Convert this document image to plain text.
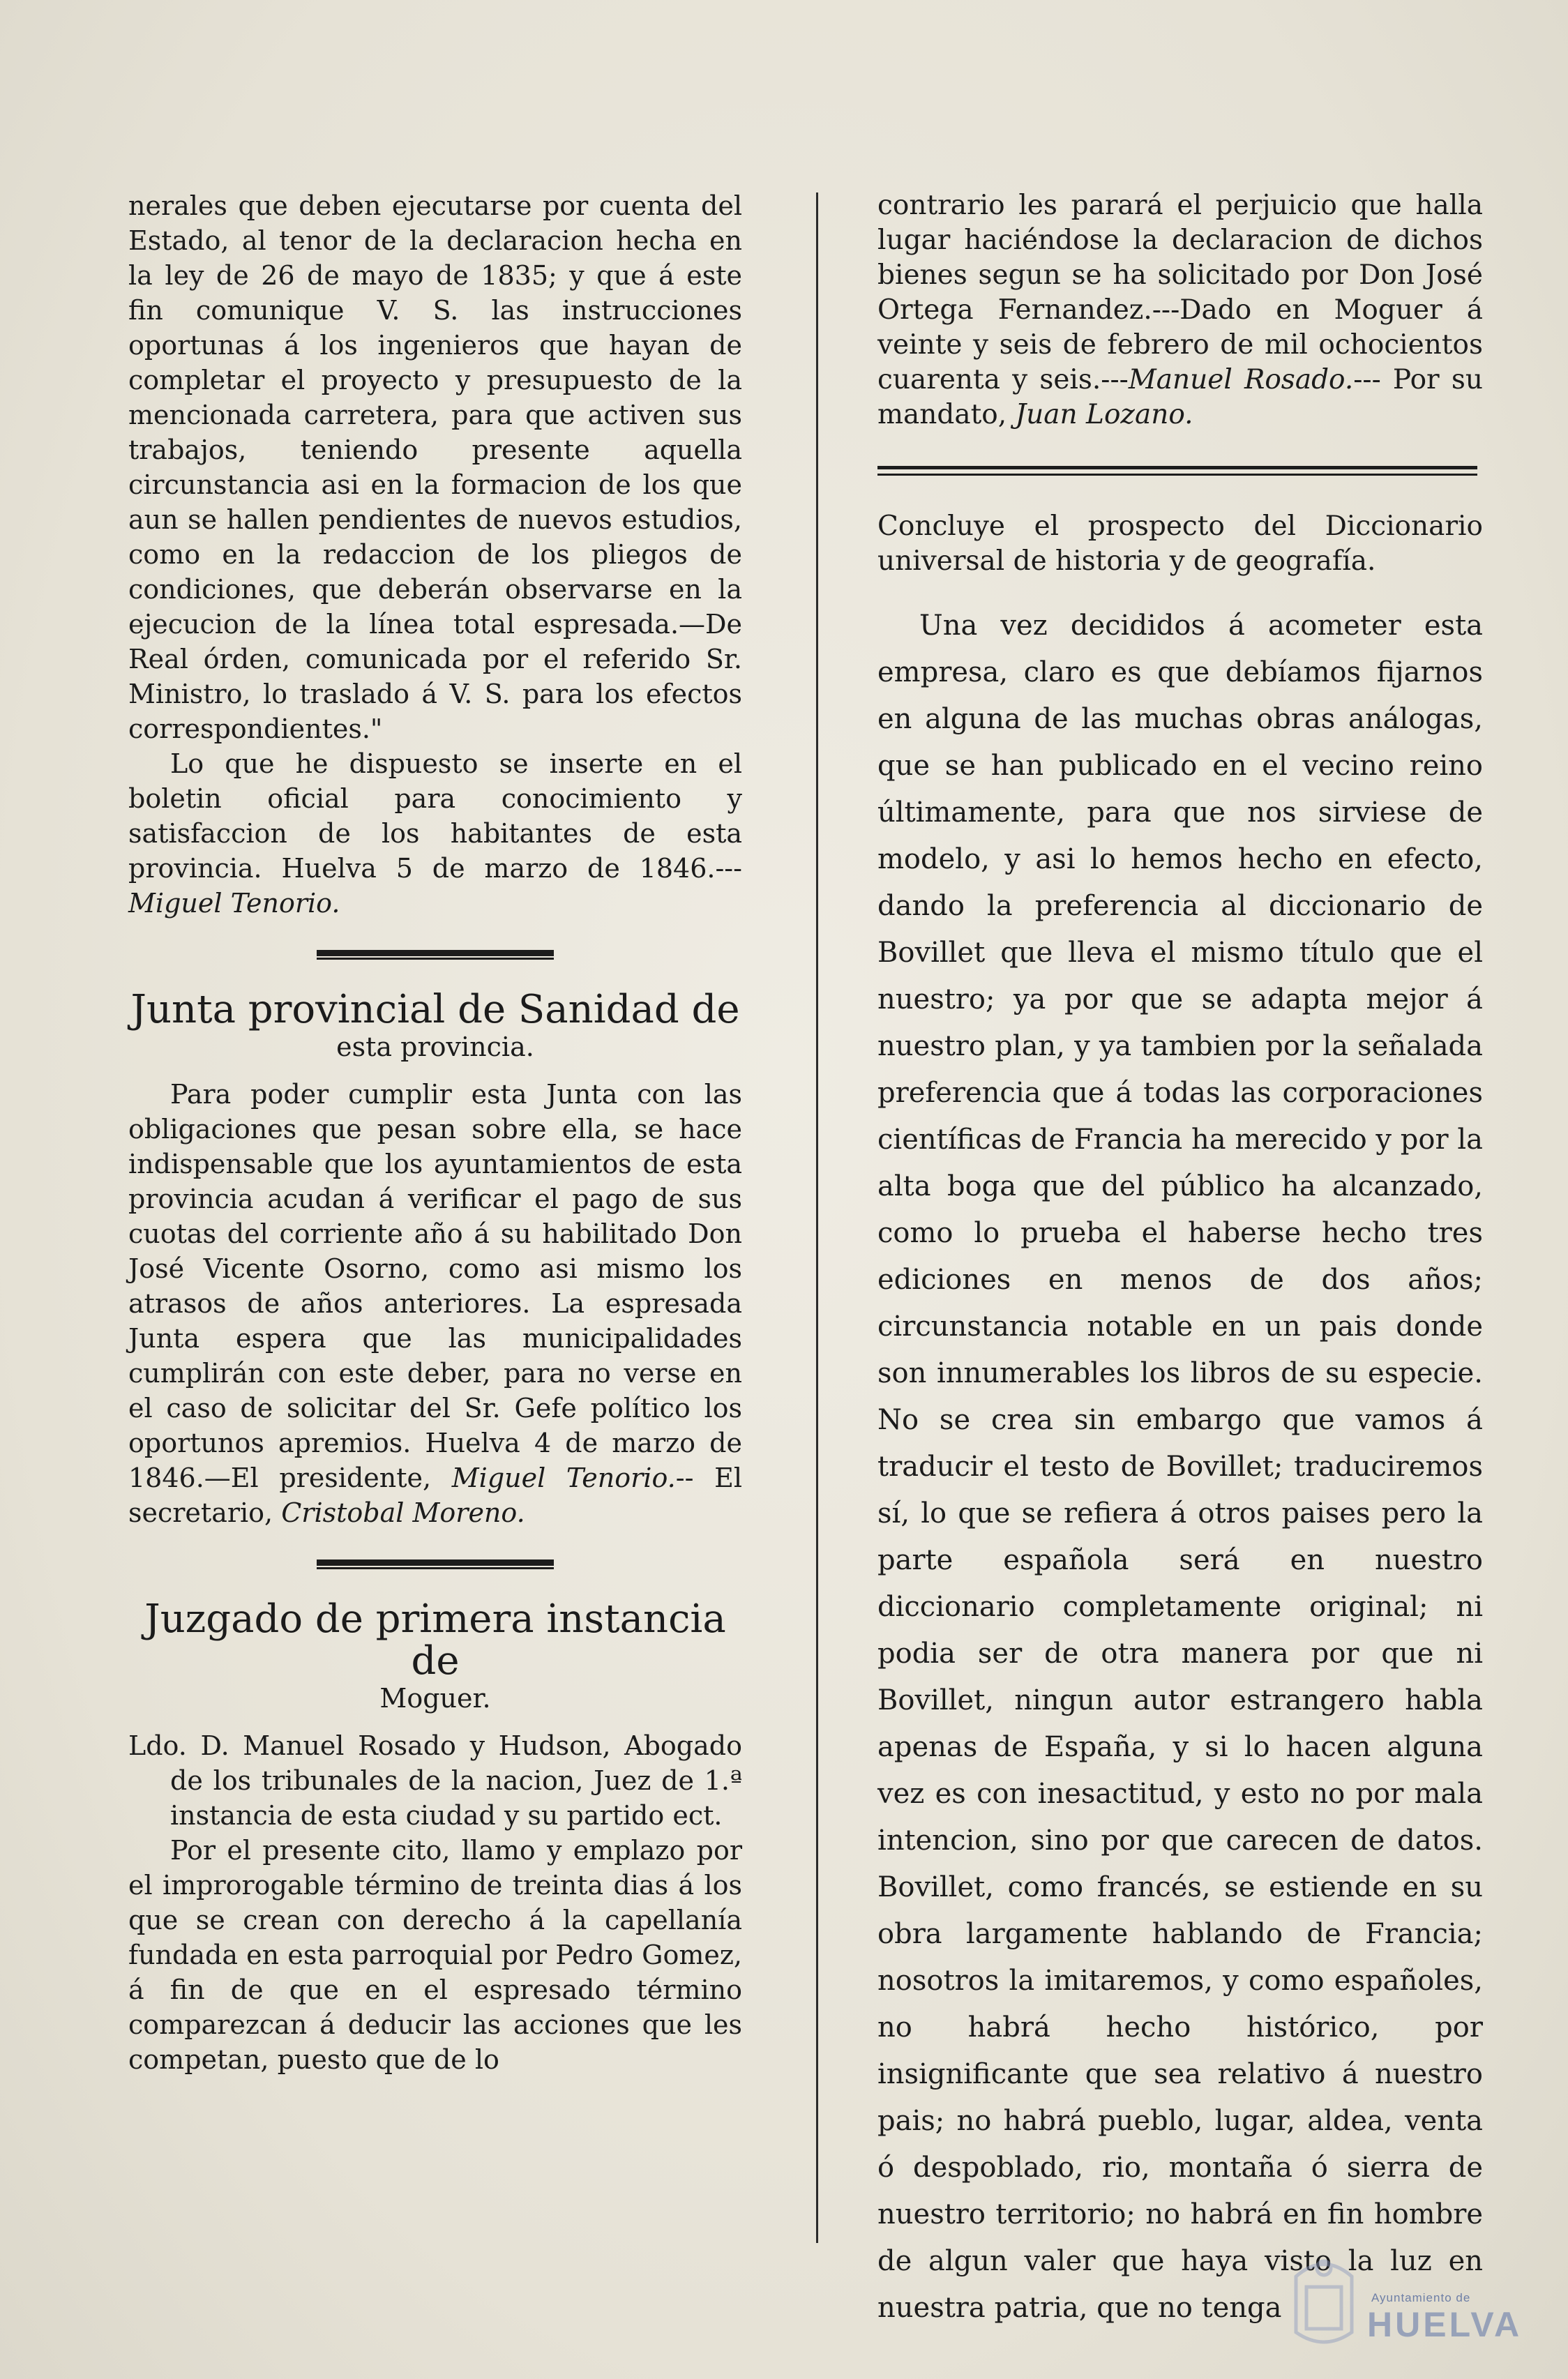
nerales que deben ejecutarse por cuenta del Estado, al tenor de la declaracion hecha en la ley de 26 de mayo de 1835; y que á este fin comunique V. S. las instrucciones oportunas á los ingenieros que hayan de completar el proyecto y presupuesto de la mencionada carretera, para que activen sus trabajos, teniendo presente aquella circunstancia asi en la formacion de los que aun se hallen pendientes de nuevos estudios, como en la redaccion de los pliegos de condiciones, que deberán observarse en la ejecucion de la línea total espresada.—De Real órden, comunicada por el referido Sr. Ministro, lo traslado á V. S. para los efectos correspondientes."

Lo que he dispuesto se inserte en el boletin oficial para conocimiento y satisfaccion de los habitantes de esta provincia. Huelva 5 de marzo de 1846.---Miguel Tenorio.

Junta provincial de Sanidad de
esta provincia.

Para poder cumplir esta Junta con las obligaciones que pesan sobre ella, se hace indispensable que los ayuntamientos de esta provincia acudan á verificar el pago de sus cuotas del corriente año á su habilitado Don José Vicente Osorno, como asi mismo los atrasos de años anteriores. La espresada Junta espera que las municipalidades cumplirán con este deber, para no verse en el caso de solicitar del Sr. Gefe político los oportunos apremios. Huelva 4 de marzo de 1846.—El presidente, Miguel Tenorio.-- El secretario, Cristobal Moreno.

Juzgado de primera instancia de
Moguer.

Ldo. D. Manuel Rosado y Hudson, Abogado de los tribunales de la nacion, Juez de 1.ª instancia de esta ciudad y su partido ect.

Por el presente cito, llamo y emplazo por el improrogable término de treinta dias á los que se crean con derecho á la capellanía fundada en esta parroquial por Pedro Gomez, á fin de que en el espresado término comparezcan á deducir las acciones que les competan, puesto que de lo

contrario les parará el perjuicio que halla lugar haciéndose la declaracion de dichos bienes segun se ha solicitado por Don José Ortega Fernandez.---Dado en Moguer á veinte y seis de febrero de mil ochocientos cuarenta y seis.---Manuel Rosado.--- Por su mandato, Juan Lozano.

Concluye el prospecto del Diccionario universal de historia y de geografía.

Una vez decididos á acometer esta empresa, claro es que debíamos fijarnos en alguna de las muchas obras análogas, que se han publicado en el vecino reino últimamente, para que nos sirviese de modelo, y asi lo hemos hecho en efecto, dando la preferencia al diccionario de Bovillet que lleva el mismo título que el nuestro; ya por que se adapta mejor á nuestro plan, y ya tambien por la señalada preferencia que á todas las corporaciones científicas de Francia ha merecido y por la alta boga que del público ha alcanzado, como lo prueba el haberse hecho tres ediciones en menos de dos años; circunstancia notable en un pais donde son innumerables los libros de su especie. No se crea sin embargo que vamos á traducir el testo de Bovillet; traduciremos sí, lo que se refiera á otros paises pero la parte española será en nuestro diccionario completamente original; ni podia ser de otra manera por que ni Bovillet, ningun autor estrangero habla apenas de España, y si lo hacen alguna vez es con inesactitud, y esto no por mala intencion, sino por que carecen de datos. Bovillet, como francés, se estiende en su obra largamente hablando de Francia; nosotros la imitaremos, y como españoles, no habrá hecho histórico, por insignificante que sea relativo á nuestro pais; no habrá pueblo, lugar, aldea, venta ó despoblado, rio, montaña ó sierra de nuestro territorio; no habrá en fin hombre de algun valer que haya visto la luz en nuestra patria, que no tenga	Ayuntamiento de
HUELVA
